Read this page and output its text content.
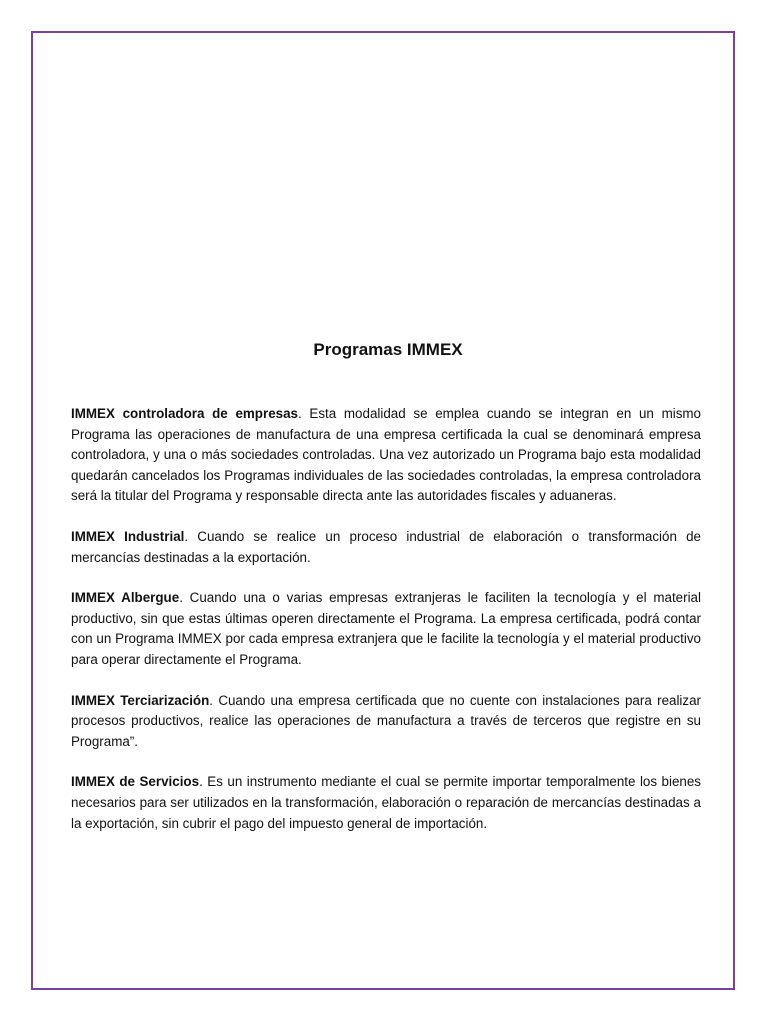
Programas IMMEX

IMMEX controladora de empresas. Esta modalidad se emplea cuando se integran en un mismo Programa las operaciones de manufactura de una empresa certificada la cual se denominará empresa controladora, y una o más sociedades controladas. Una vez autorizado un Programa bajo esta modalidad quedarán cancelados los Programas individuales de las sociedades controladas, la empresa controladora será la titular del Programa y responsable directa ante las autoridades fiscales y aduaneras.

IMMEX Industrial. Cuando se realice un proceso industrial de elaboración o transformación de mercancías destinadas a la exportación.

IMMEX Albergue. Cuando una o varias empresas extranjeras le faciliten la tecnología y el material productivo, sin que estas últimas operen directamente el Programa. La empresa certificada, podrá contar con un Programa IMMEX por cada empresa extranjera que le facilite la tecnología y el material productivo para operar directamente el Programa.

IMMEX Terciarización. Cuando una empresa certificada que no cuente con instalaciones para realizar procesos productivos, realice las operaciones de manufactura a través de terceros que registre en su Programa”.

IMMEX de Servicios. Es un instrumento mediante el cual se permite importar temporalmente los bienes necesarios para ser utilizados en la transformación, elaboración o reparación de mercancías destinadas a la exportación, sin cubrir el pago del impuesto general de importación.
